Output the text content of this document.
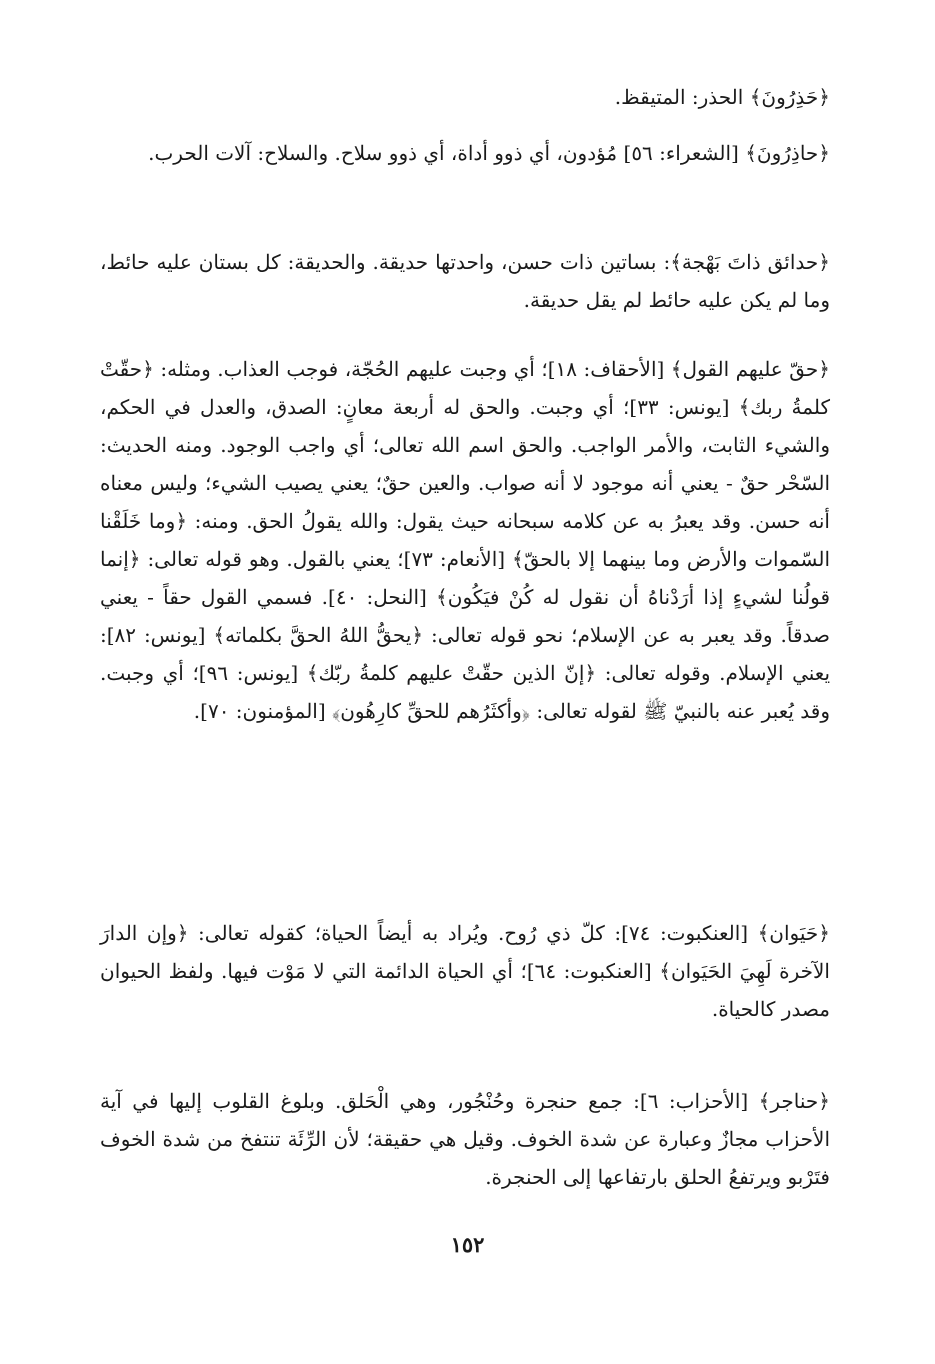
﴿حَذِرُونَ﴾ الحذر: المتيقظ.

﴿حاذِرُونَ﴾ [الشعراء: ٥٦] مُؤدون، أي ذوو أداة، أي ذوو سلاح. والسلاح: آلات الحرب.

﴿حدائق ذاتَ بَهْجة﴾: بساتين ذات حسن، واحدتها حديقة. والحديقة: كل بستان عليه حائط، وما لم يكن عليه حائط لم يقل حديقة.

﴿حقّ عليهم القول﴾ [الأحقاف: ١٨]؛ أي وجبت عليهم الحُجّة، فوجب العذاب. ومثله: ﴿حقّتْ كلمةُ ربك﴾ [يونس: ٣٣]؛ أي وجبت. والحق له أربعة معانٍ: الصدق، والعدل في الحكم، والشيء الثابت، والأمر الواجب. والحق اسم الله تعالى؛ أي واجب الوجود. ومنه الحديث: السّحْر حقٌ - يعني أنه موجود لا أنه صواب. والعين حقٌ؛ يعني يصيب الشيء؛ وليس معناه أنه حسن. وقد يعبرُ به عن كلامه سبحانه حيث يقول: والله يقولُ الحق. ومنه: ﴿وما خَلَقْنا السّموات والأرض وما بينهما إلا بالحقّ﴾ [الأنعام: ٧٣]؛ يعني بالقول. وهو قوله تعالى: ﴿إنما قولُنا لشيءٍ إذا أرَدْناهُ أن نقول له كُنْ فيَكُون﴾ [النحل: ٤٠]. فسمي القول حقاً - يعني صدقاً. وقد يعبر به عن الإسلام؛ نحو قوله تعالى: ﴿يحقُّ اللهُ الحقَّ بكلماته﴾ [يونس: ٨٢]: يعني الإسلام. وقوله تعالى: ﴿إنّ الذين حقّتْ عليهم كلمةُ ربّك﴾ [يونس: ٩٦]؛ أي وجبت. وقد يُعبر عنه بالنبيّ ﷺ لقوله تعالى: ﴿وأكثَرُهم للحقِّ كارِهُون﴾ [المؤمنون: ٧٠].

﴿حَيَوان﴾ [العنكبوت: ٧٤]: كلّ ذي رُوح. ويُراد به أيضاً الحياة؛ كقوله تعالى: ﴿وإن الدارَ الآخرة لَهِيَ الحَيَوان﴾ [العنكبوت: ٦٤]؛ أي الحياة الدائمة التي لا مَوْت فيها. ولفظ الحيوان مصدر كالحياة.

﴿حناجر﴾ [الأحزاب: ٦]: جمع حنجرة وحُنْجُور، وهي الْحَلق. وبلوغ القلوب إليها في آية الأحزاب مجازٌ وعبارة عن شدة الخوف. وقيل هي حقيقة؛ لأن الرِّئَة تنتفخ من شدة الخوف فتَرْبو ويرتفعُ الحلق بارتفاعها إلى الحنجرة.

١٥٢
